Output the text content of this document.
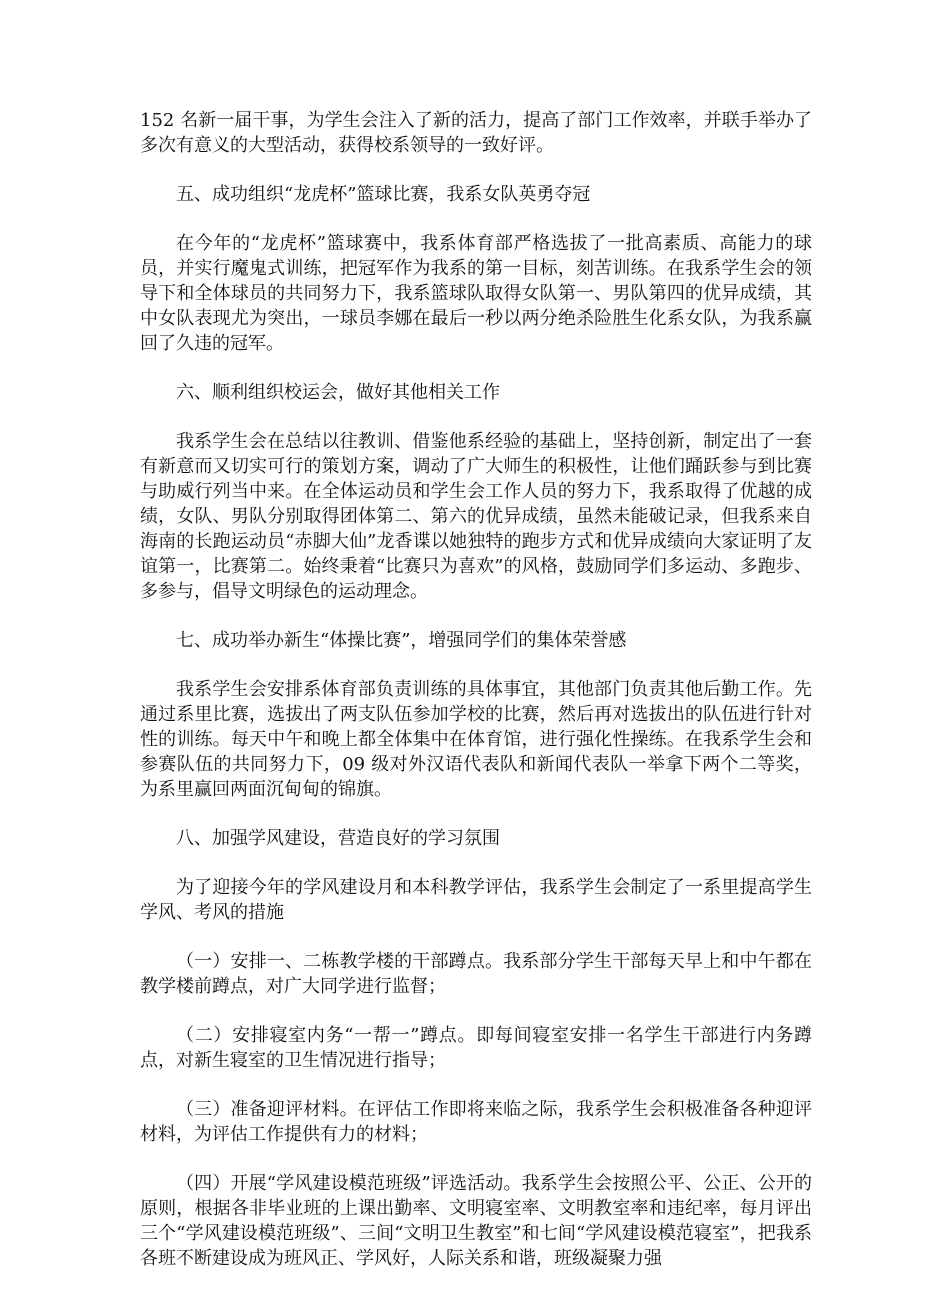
152 名新一届干事，为学生会注入了新的活力，提高了部门工作效率，并联手举办了多次有意义的大型活动，获得校系领导的一致好评。

五、成功组织“龙虎杯”篮球比赛，我系女队英勇夺冠

在今年的“龙虎杯”篮球赛中，我系体育部严格选拔了一批高素质、高能力的球员，并实行魔鬼式训练，把冠军作为我系的第一目标，刻苦训练。在我系学生会的领导下和全体球员的共同努力下，我系篮球队取得女队第一、男队第四的优异成绩，其中女队表现尤为突出，一球员李娜在最后一秒以两分绝杀险胜生化系女队，为我系赢回了久违的冠军。

六、顺利组织校运会，做好其他相关工作

我系学生会在总结以往教训、借鉴他系经验的基础上，坚持创新，制定出了一套有新意而又切实可行的策划方案，调动了广大师生的积极性，让他们踊跃参与到比赛与助威行列当中来。在全体运动员和学生会工作人员的努力下，我系取得了优越的成绩，女队、男队分别取得团体第二、第六的优异成绩，虽然未能破记录，但我系来自海南的长跑运动员“赤脚大仙”龙香谍以她独特的跑步方式和优异成绩向大家证明了友谊第一，比赛第二。始终秉着“比赛只为喜欢”的风格，鼓励同学们多运动、多跑步、多参与，倡导文明绿色的运动理念。

七、成功举办新生“体操比赛”，增强同学们的集体荣誉感

我系学生会安排系体育部负责训练的具体事宜，其他部门负责其他后勤工作。先通过系里比赛，选拔出了两支队伍参加学校的比赛，然后再对选拔出的队伍进行针对性的训练。每天中午和晚上都全体集中在体育馆，进行强化性操练。在我系学生会和参赛队伍的共同努力下，09 级对外汉语代表队和新闻代表队一举拿下两个二等奖，为系里赢回两面沉甸甸的锦旗。

八、加强学风建设，营造良好的学习氛围

为了迎接今年的学风建设月和本科教学评估，我系学生会制定了一系里提高学生学风、考风的措施

（一）安排一、二栋教学楼的干部蹲点。我系部分学生干部每天早上和中午都在教学楼前蹲点，对广大同学进行监督；

（二）安排寝室内务“一帮一”蹲点。即每间寝室安排一名学生干部进行内务蹲点，对新生寝室的卫生情况进行指导；

（三）准备迎评材料。在评估工作即将来临之际，我系学生会积极准备各种迎评材料，为评估工作提供有力的材料；

（四）开展“学风建设模范班级”评选活动。我系学生会按照公平、公正、公开的原则，根据各非毕业班的上课出勤率、文明寝室率、文明教室率和违纪率，每月评出三个“学风建设模范班级”、三间“文明卫生教室”和七间“学风建设模范寝室”，把我系各班不断建设成为班风正、学风好，人际关系和谐，班级凝聚力强
